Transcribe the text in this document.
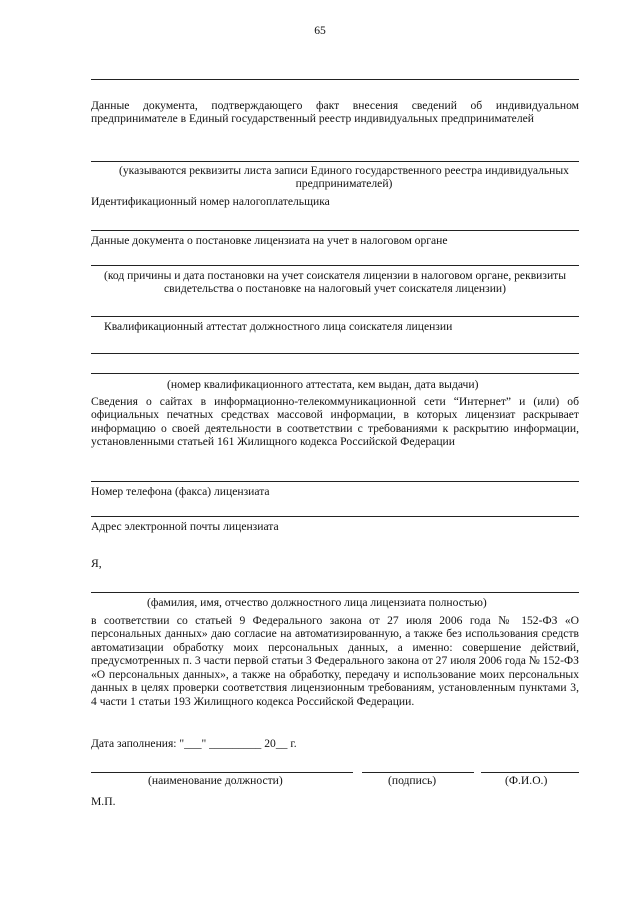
65
Данные документа, подтверждающего факт внесения сведений об индивидуальном предпринимателе в Единый государственный реестр индивидуальных предпринимателей
(указываются реквизиты листа записи Единого государственного реестра индивидуальных предпринимателей)
Идентификационный номер налогоплательщика
Данные документа о постановке лицензиата на учет в налоговом органе
(код причины и дата постановки на учет соискателя лицензии в налоговом органе, реквизиты свидетельства о постановке на налоговый учет соискателя лицензии)
Квалификационный аттестат должностного лица соискателя лицензии
(номер квалификационного аттестата, кем выдан, дата выдачи)
Сведения о сайтах в информационно-телекоммуникационной сети “Интернет” и (или) об официальных печатных средствах массовой информации, в которых лицензиат раскрывает информацию о своей деятельности в соответствии с требованиями к раскрытию информации, установленными статьей 161 Жилищного кодекса Российской Федерации
Номер телефона (факса) лицензиата
Адрес электронной почты лицензиата
Я,
(фамилия, имя, отчество должностного лица лицензиата полностью)
в соответствии со статьей 9 Федерального закона от 27 июля 2006 года № 152-ФЗ «О персональных данных» даю согласие на автоматизированную, а также без использования средств автоматизации обработку моих персональных данных, а именно: совершение действий, предусмотренных п. 3 части первой статьи 3 Федерального закона от 27 июля 2006 года № 152-ФЗ «О персональных данных», а также на обработку, передачу и использование моих персональных данных в целях проверки соответствия лицензионным требованиям, установленным пунктами 3, 4 части 1 статьи 193 Жилищного кодекса Российской Федерации.
Дата заполнения: "___" _________ 20__ г.
(наименование должности)	(подпись)	(Ф.И.О.)
М.П.
